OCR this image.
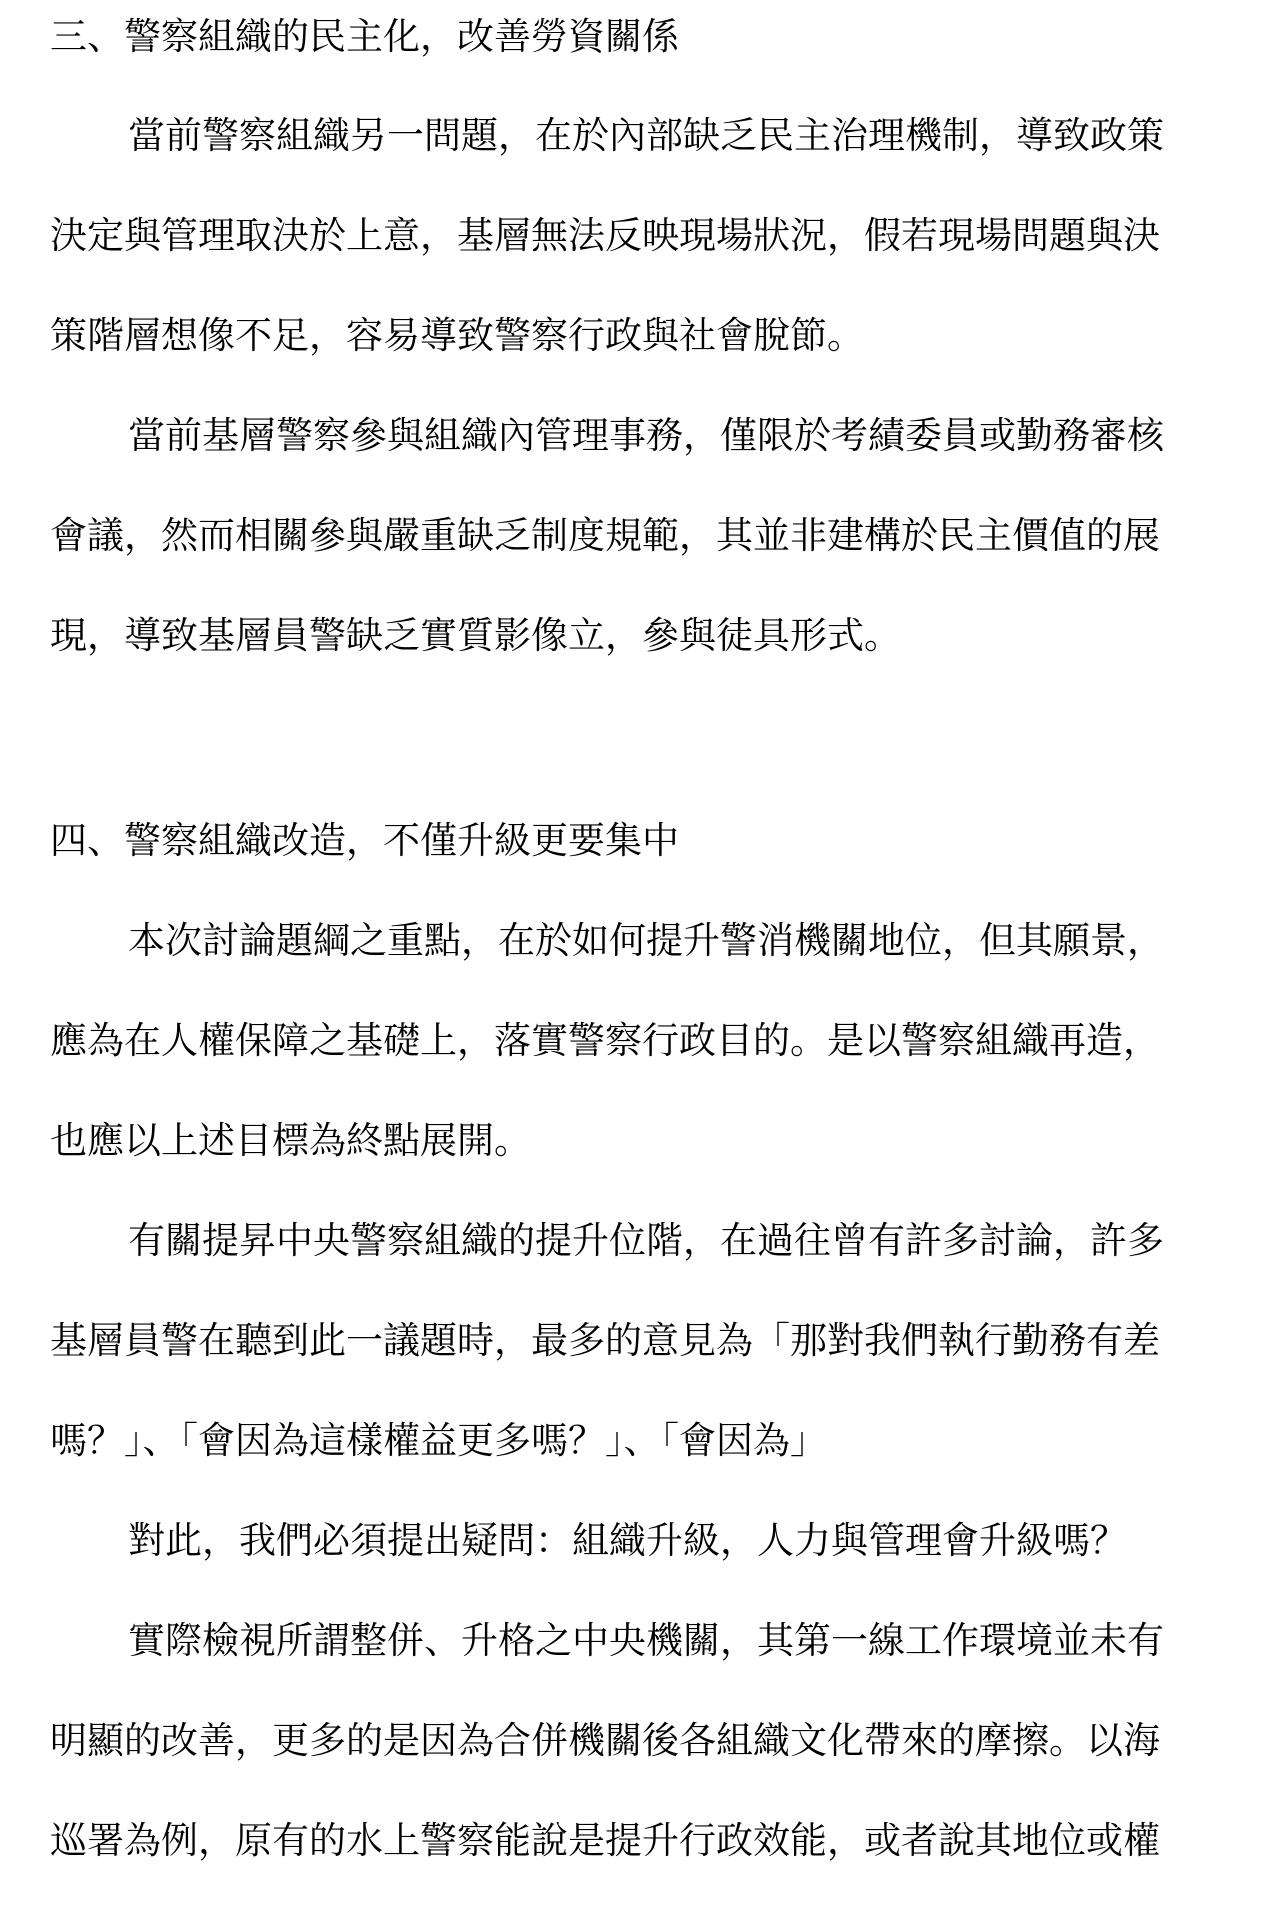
三、警察組織的民主化，改善勞資關係
當前警察組織另一問題，在於內部缺乏民主治理機制，導致政策
決定與管理取決於上意，基層無法反映現場狀況，假若現場問題與決
策階層想像不足，容易導致警察行政與社會脫節。
當前基層警察參與組織內管理事務，僅限於考績委員或勤務審核
會議，然而相關參與嚴重缺乏制度規範，其並非建構於民主價值的展
現，導致基層員警缺乏實質影像立，參與徒具形式。
四、警察組織改造，不僅升級更要集中
本次討論題綱之重點，在於如何提升警消機關地位，但其願景，
應為在人權保障之基礎上，落實警察行政目的。是以警察組織再造，
也應以上述目標為終點展開。
有關提昇中央警察組織的提升位階，在過往曾有許多討論，許多
基層員警在聽到此一議題時，最多的意見為「那對我們執行勤務有差
嗎？」、「會因為這樣權益更多嗎？」、「會因為」
對此，我們必須提出疑問：組織升級，人力與管理會升級嗎？
實際檢視所謂整併、升格之中央機關，其第一線工作環境並未有
明顯的改善，更多的是因為合併機關後各組織文化帶來的摩擦。以海
巡署為例，原有的水上警察能說是提升行政效能，或者說其地位或權
